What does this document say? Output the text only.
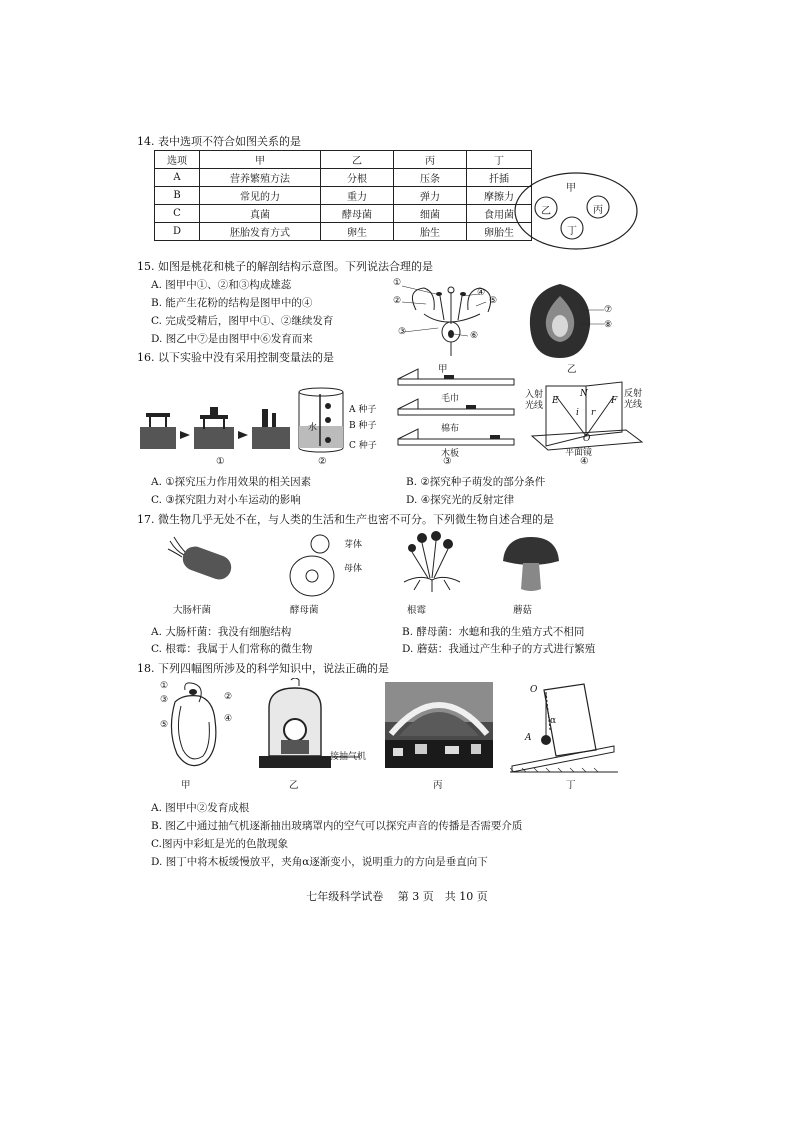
14. 表中选项不符合如图关系的是
选项	甲	乙	丙	丁
A	营养繁殖方法	分根	压条	扦插
B	常见的力	重力	弹力	摩擦力
C	真菌	酵母菌	细菌	食用菌
D	胚胎发育方式	卵生	胎生	卵胎生
甲
乙	丙
丁
15. 如图是桃花和桃子的解剖结构示意图。下列说法合理的是
A. 图甲中①、②和③构成雄蕊
B. 能产生花粉的结构是图甲中的④
C. 完成受精后，图甲中①、②继续发育
D. 图乙中⑦是由图甲中⑥发育而来
①
②
③
④
⑤
⑥
甲
⑦
⑧
乙
16. 以下实验中没有采用控制变量法的是
①
水
A 种子
B 种子
C 种子
②
毛巾
棉布
木板
③
入射
光线
反射
光线
N
E	F
i r
O
平面镜
④
A. ①探究压力作用效果的相关因素	B. ②探究种子萌发的部分条件
C. ③探究阻力对小车运动的影响	D. ④探究光的反射定律
17. 微生物几乎无处不在，与人类的生活和生产也密不可分。下列微生物自述合理的是
大肠杆菌
芽体
母体
酵母菌	根霉	蘑菇
A. 大肠杆菌：我没有细胞结构	B. 酵母菌：水螅和我的生殖方式不相同
C. 根霉：我属于人们常称的微生物	D. 蘑菇：我通过产生种子的方式进行繁殖
18. 下列四幅图所涉及的科学知识中，说法正确的是
①
②
③
④
⑤
甲
接抽气机
乙	丙
O
A
α
丁
A. 图甲中②发育成根
B. 图乙中通过抽气机逐渐抽出玻璃罩内的空气可以探究声音的传播是否需要介质
C.图丙中彩虹是光的色散现象
D. 图丁中将木板缓慢放平，夹角α逐渐变小，说明重力的方向是垂直向下
七年级科学试卷　 第 3 页　共 10 页
